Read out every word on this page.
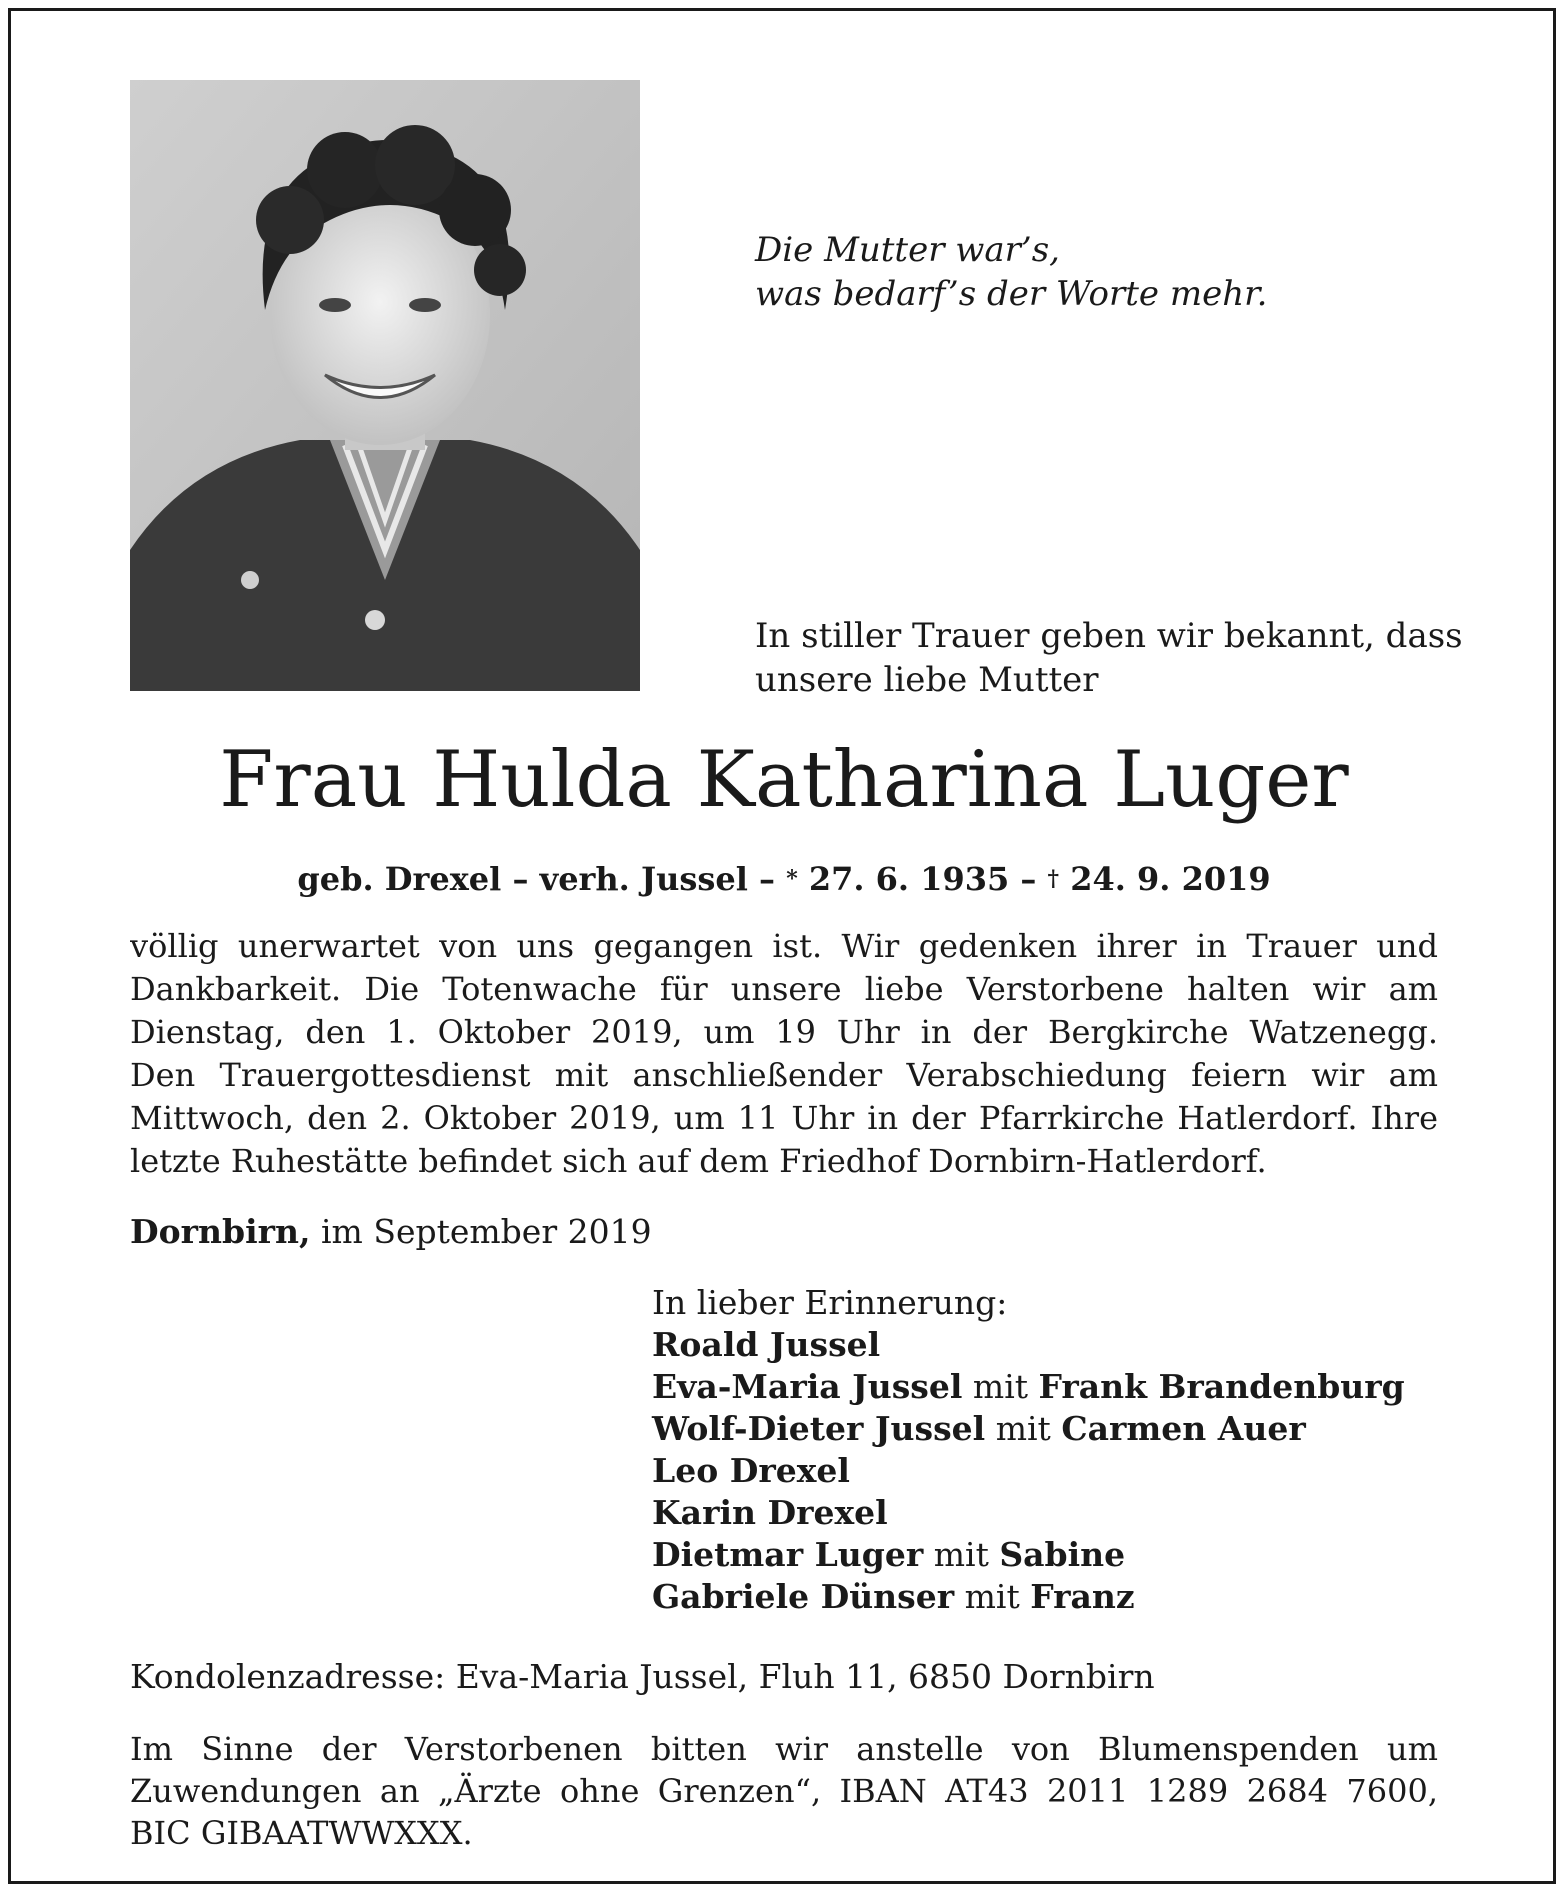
Die Mutter war’s,
was bedarf’s der Worte mehr.
In stiller Trauer geben wir bekannt, dass
unsere liebe Mutter
Frau Hulda Katharina Luger
geb. Drexel – verh. Jussel – * 27. 6. 1935 – † 24. 9. 2019
völlig unerwartet von uns gegangen ist. Wir gedenken ihrer in Trauer und
Dankbarkeit. Die Totenwache für unsere liebe Verstorbene halten wir am
Dienstag, den 1. Oktober 2019, um 19 Uhr in der Bergkirche Watzenegg.
Den Trauergottesdienst mit anschließender Verabschiedung feiern wir am
Mittwoch, den 2. Oktober 2019, um 11 Uhr in der Pfarrkirche Hatlerdorf. Ihre
letzte Ruhestätte befindet sich auf dem Friedhof Dornbirn-Hatlerdorf.
Dornbirn, im September 2019
In lieber Erinnerung:
Roald Jussel
Eva-Maria Jussel mit Frank Brandenburg
Wolf-Dieter Jussel mit Carmen Auer
Leo Drexel
Karin Drexel
Dietmar Luger mit Sabine
Gabriele Dünser mit Franz
Kondolenzadresse: Eva-Maria Jussel, Fluh 11, 6850 Dornbirn
Im Sinne der Verstorbenen bitten wir anstelle von Blumenspenden um
Zuwendungen an „Ärzte ohne Grenzen“, IBAN AT43 2011 1289 2684 7600,
BIC GIBAATWWXXX.
